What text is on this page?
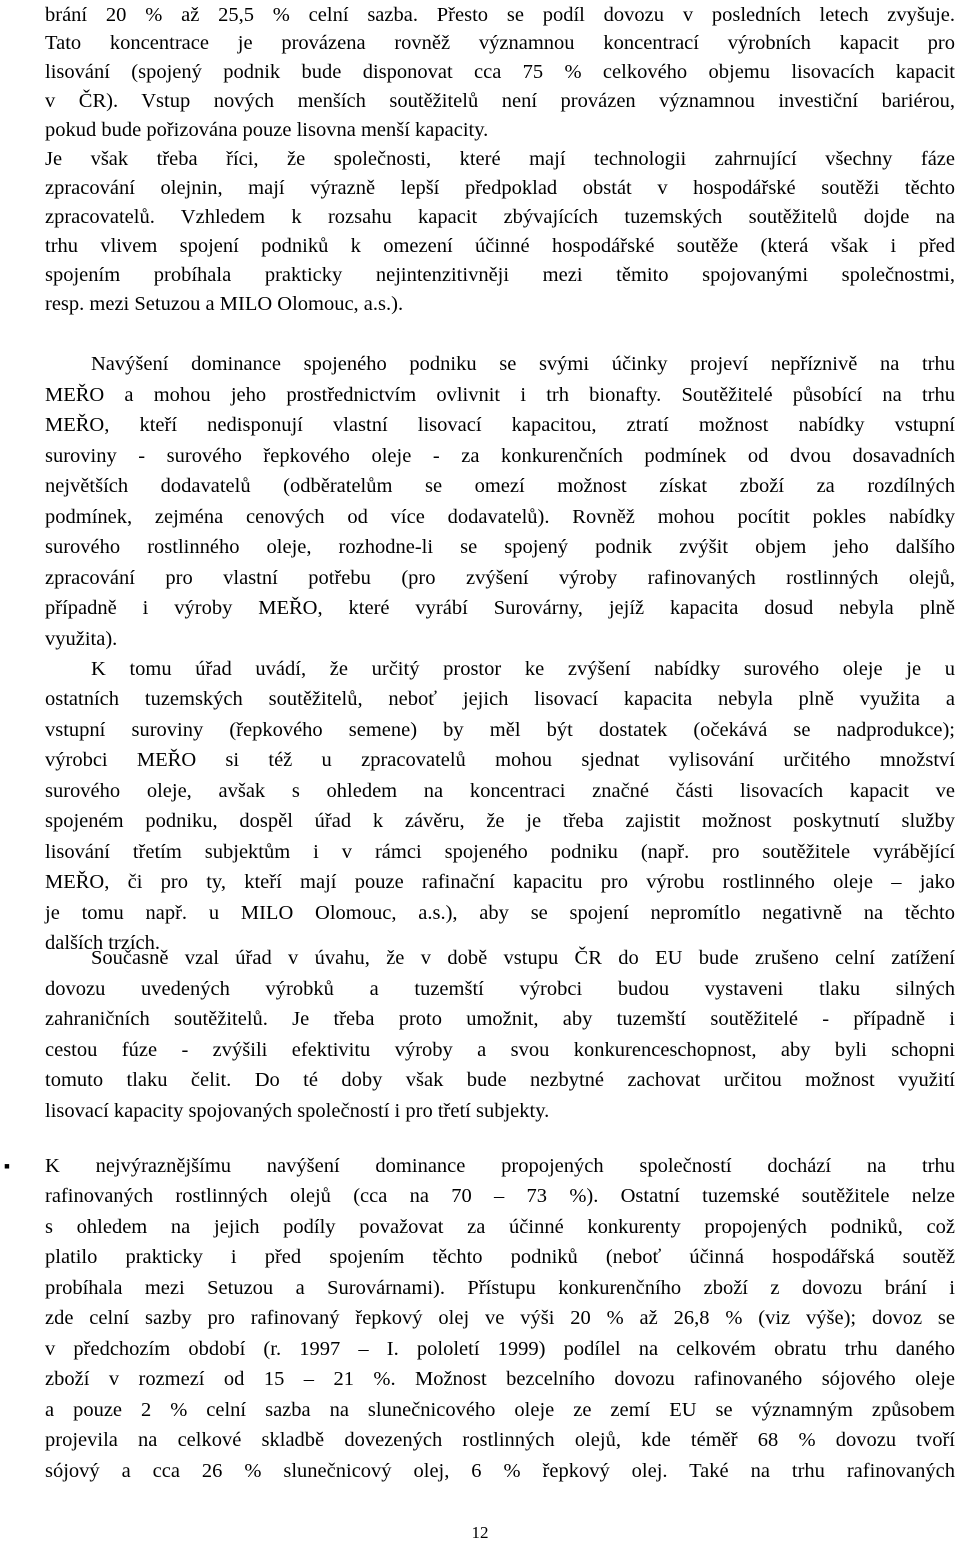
brání 20 % až 25,5 % celní sazba. Přesto se podíl dovozu v posledních letech zvyšuje.
Tato koncentrace je provázena rovněž významnou koncentrací výrobních kapacit pro
lisování (spojený podnik bude disponovat cca 75 % celkového objemu lisovacích kapacit
v ČR). Vstup nových menších soutěžitelů není provázen významnou investiční bariérou,
pokud bude pořizována pouze lisovna menší kapacity.
Je však třeba říci, že společnosti, které mají technologii zahrnující všechny fáze
zpracování olejnin, mají výrazně lepší předpoklad obstát v hospodářské soutěži těchto
zpracovatelů. Vzhledem k rozsahu kapacit zbývajících tuzemských soutěžitelů dojde na
trhu vlivem spojení podniků k omezení účinné hospodářské soutěže (která však i před
spojením probíhala prakticky nejintenzitivněji mezi těmito spojovanými společnostmi,
resp. mezi Setuzou a MILO Olomouc, a.s.).
Navýšení dominance spojeného podniku se svými účinky projeví nepříznivě na trhu
MEŘO a mohou jeho prostřednictvím ovlivnit i trh bionafty. Soutěžitelé působící na trhu
MEŘO, kteří nedisponují vlastní lisovací kapacitou, ztratí možnost nabídky vstupní
suroviny - surového řepkového oleje - za konkurenčních podmínek od dvou dosavadních
největších dodavatelů (odběratelům se omezí možnost získat zboží za rozdílných
podmínek, zejména cenových od více dodavatelů). Rovněž mohou pocítit pokles nabídky
surového rostlinného oleje, rozhodne-li se spojený podnik zvýšit objem jeho dalšího
zpracování pro vlastní potřebu (pro zvýšení výroby rafinovaných rostlinných olejů,
případně i výroby MEŘO, které vyrábí Surovárny, jejíž kapacita dosud nebyla plně
využita).
K tomu úřad uvádí, že určitý prostor ke zvýšení nabídky surového oleje je u
ostatních tuzemských soutěžitelů, neboť jejich lisovací kapacita nebyla plně využita a
vstupní suroviny (řepkového semene) by měl být dostatek (očekává se nadprodukce);
výrobci MEŘO si též u zpracovatelů mohou sjednat vylisování určitého množství
surového oleje, avšak s ohledem na koncentraci značné části lisovacích kapacit ve
spojeném podniku, dospěl úřad k závěru, že je třeba zajistit možnost poskytnutí služby
lisování třetím subjektům i v rámci spojeného podniku (např. pro soutěžitele vyrábějící
MEŘO, či pro ty, kteří mají pouze rafinační kapacitu pro výrobu rostlinného oleje – jako
je tomu např. u MILO Olomouc, a.s.), aby se spojení nepromítlo negativně na těchto
dalších trzích.
Současně vzal úřad v úvahu, že v době vstupu ČR do EU bude zrušeno celní zatížení
dovozu uvedených výrobků a tuzemští výrobci budou vystaveni tlaku silných
zahraničních soutěžitelů. Je třeba proto umožnit, aby tuzemští soutěžitelé - případně i
cestou fúze - zvýšili efektivitu výroby a svou konkurenceschopnost, aby byli schopni
tomuto tlaku čelit. Do té doby však bude nezbytné zachovat určitou možnost využití
lisovací kapacity spojovaných společností i pro třetí subjekty.
▪ K nejvýraznějšímu navýšení dominance propojených společností dochází na trhu
rafinovaných rostlinných olejů (cca na 70 – 73 %). Ostatní tuzemské soutěžitele nelze
s ohledem na jejich podíly považovat za účinné konkurenty propojených podniků, což
platilo prakticky i před spojením těchto podniků (neboť účinná hospodářská soutěž
probíhala mezi Setuzou a Surovárnami). Přístupu konkurenčního zboží z dovozu brání i
zde celní sazby pro rafinovaný řepkový olej ve výši 20 % až 26,8 % (viz výše); dovoz se
v předchozím období (r. 1997 – I. pololetí 1999) podílel na celkovém obratu trhu daného
zboží v rozmezí od 15 – 21 %. Možnost bezcelního dovozu rafinovaného sójového oleje
a pouze 2 % celní sazba na slunečnicového oleje ze zemí EU se významným způsobem
projevila na celkové skladbě dovezených rostlinných olejů, kde téměř 68 % dovozu tvoří
sójový a cca 26 % slunečnicový olej, 6 % řepkový olej. Také na trhu rafinovaných
12
